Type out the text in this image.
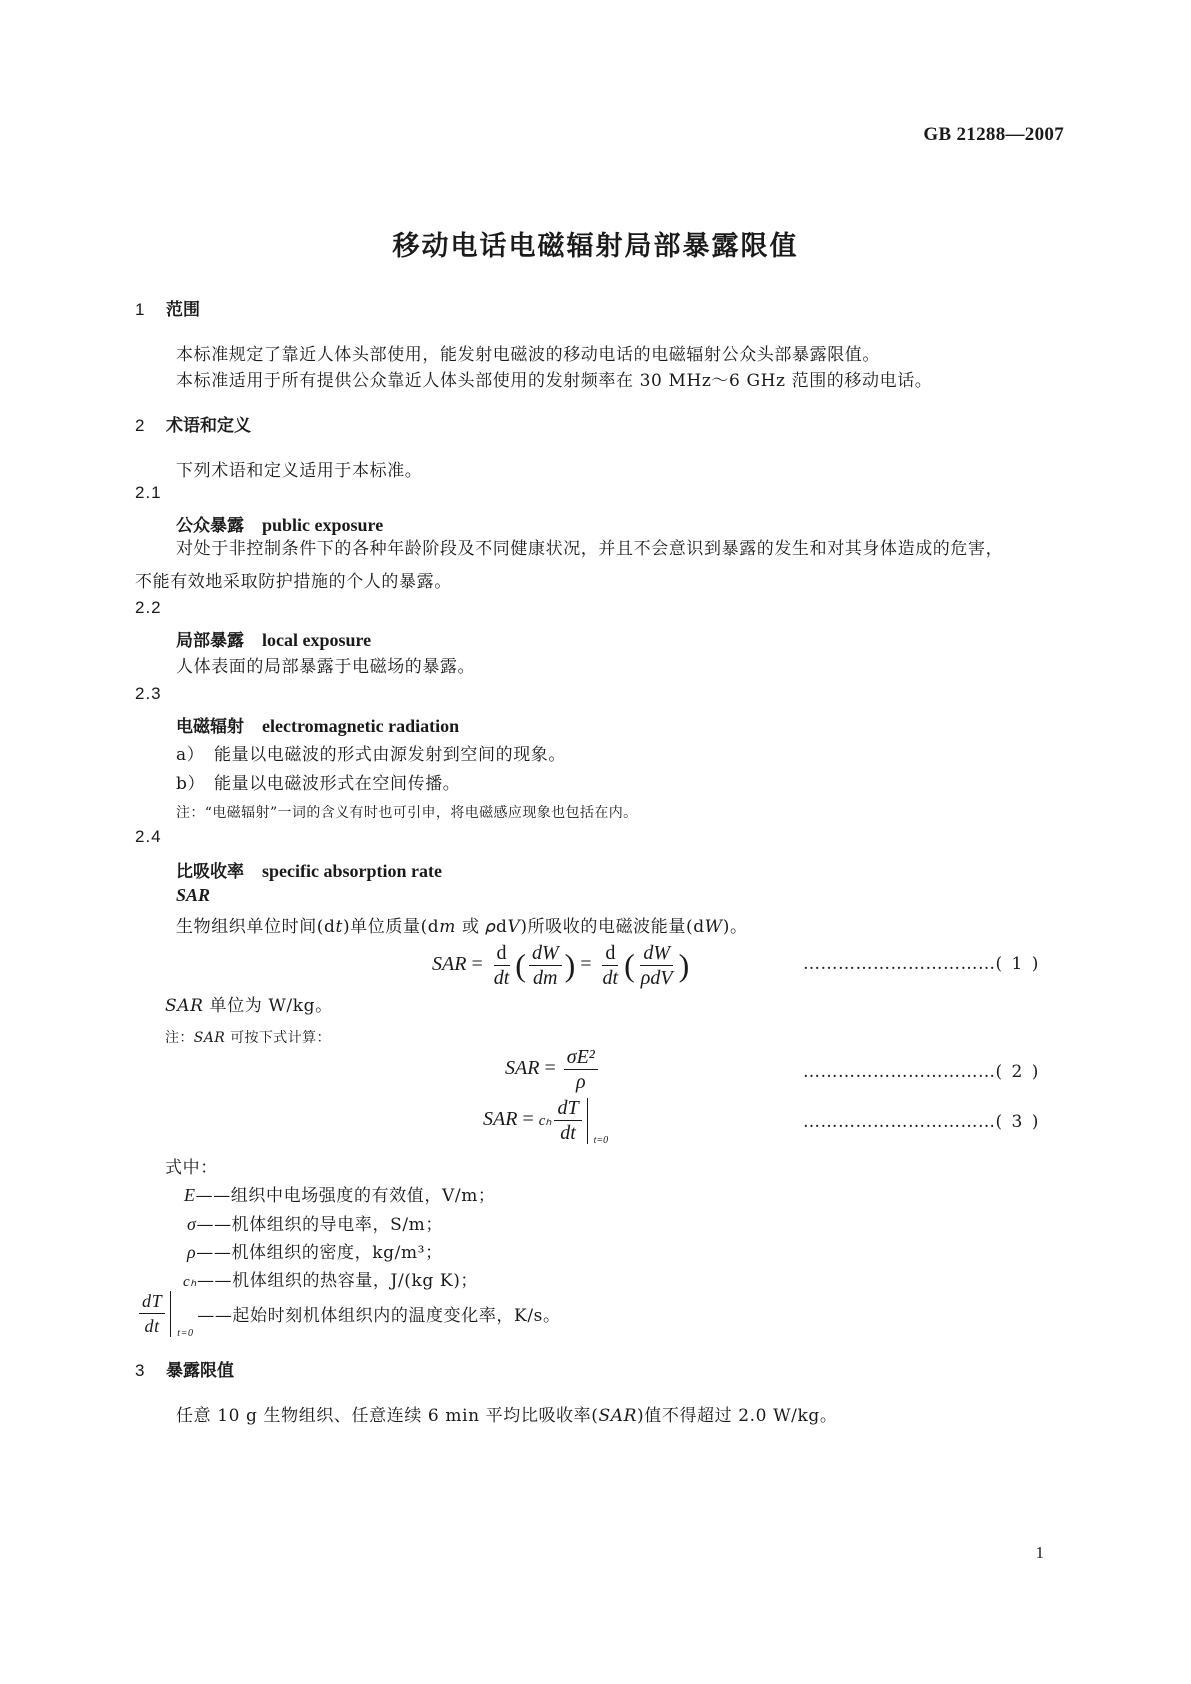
GB 21288—2007
移动电话电磁辐射局部暴露限值
1 范围
本标准规定了靠近人体头部使用，能发射电磁波的移动电话的电磁辐射公众头部暴露限值。
本标准适用于所有提供公众靠近人体头部使用的发射频率在 30 MHz～6 GHz 范围的移动电话。
2 术语和定义
下列术语和定义适用于本标准。
2.1
公众暴露 public exposure
对处于非控制条件下的各种年龄阶段及不同健康状况，并且不会意识到暴露的发生和对其身体造成的危害，不能有效地采取防护措施的个人的暴露。
2.2
局部暴露 local exposure
人体表面的局部暴露于电磁场的暴露。
2.3
电磁辐射 electromagnetic radiation
a） 能量以电磁波的形式由源发射到空间的现象。
b） 能量以电磁波形式在空间传播。
注：“电磁辐射”一词的含义有时也可引申，将电磁感应现象也包括在内。
2.4
比吸收率 specific absorption rate
SAR
生物组织单位时间(d𝑡)单位质量(d𝑚 或 𝜌d𝑉)所吸收的电磁波能量(d𝑊)。
SAR = $\frac{d}{dt}$ ( $\frac{dW}{dm}$ ) = $\frac{d}{dt}$ ( $\frac{dW}{\text{ρdV}}$ )	……………………………( 1 )
𝑆𝐴𝑅 单位为 W/kg。
注：𝑆𝐴𝑅 可按下式计算：
SAR = $\frac{\text{σE²}}{\rho}$	……………………………( 2 )
SAR = cₕ $\frac{dT}{dt} t=0$
……………………………( 3 )
式中：
E——组织中电场强度的有效值，V/m；
σ——机体组织的导电率，S/m；
ρ——机体组织的密度，kg/m³；
cₕ——机体组织的热容量，J/(kg K)；
$\frac{dT}{dt} t=0$
——起始时刻机体组织内的温度变化率，K/s。
3 暴露限值
任意 10 g 生物组织、任意连续 6 min 平均比吸收率(𝑆𝐴𝑅)值不得超过 2.0 W/kg。
1
